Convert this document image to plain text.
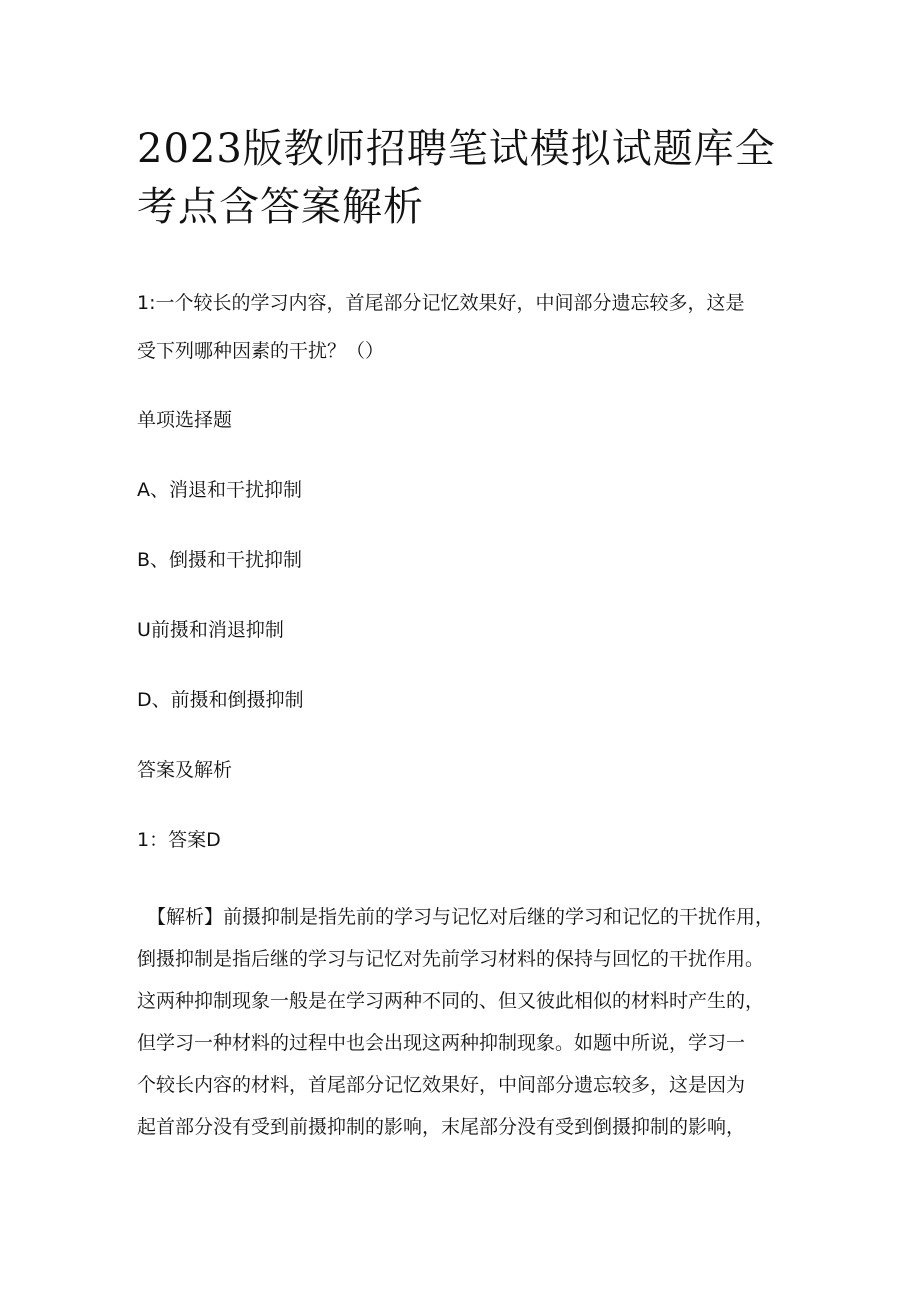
2023版教师招聘笔试模拟试题库全
考点含答案解析

1:一个较长的学习内容，首尾部分记忆效果好，中间部分遗忘较多，这是

受下列哪种因素的干扰？（）

单项选择题

A、消退和干扰抑制

B、倒摄和干扰抑制

U前摄和消退抑制

D、前摄和倒摄抑制

答案及解析

1：答案D

【解析】前摄抑制是指先前的学习与记忆对后继的学习和记忆的干扰作用，
倒摄抑制是指后继的学习与记忆对先前学习材料的保持与回忆的干扰作用。
这两种抑制现象一般是在学习两种不同的、但又彼此相似的材料时产生的，
但学习一种材料的过程中也会出现这两种抑制现象。如题中所说，学习一
个较长内容的材料，首尾部分记忆效果好，中间部分遗忘较多，这是因为
起首部分没有受到前摄抑制的影响，末尾部分没有受到倒摄抑制的影响，
